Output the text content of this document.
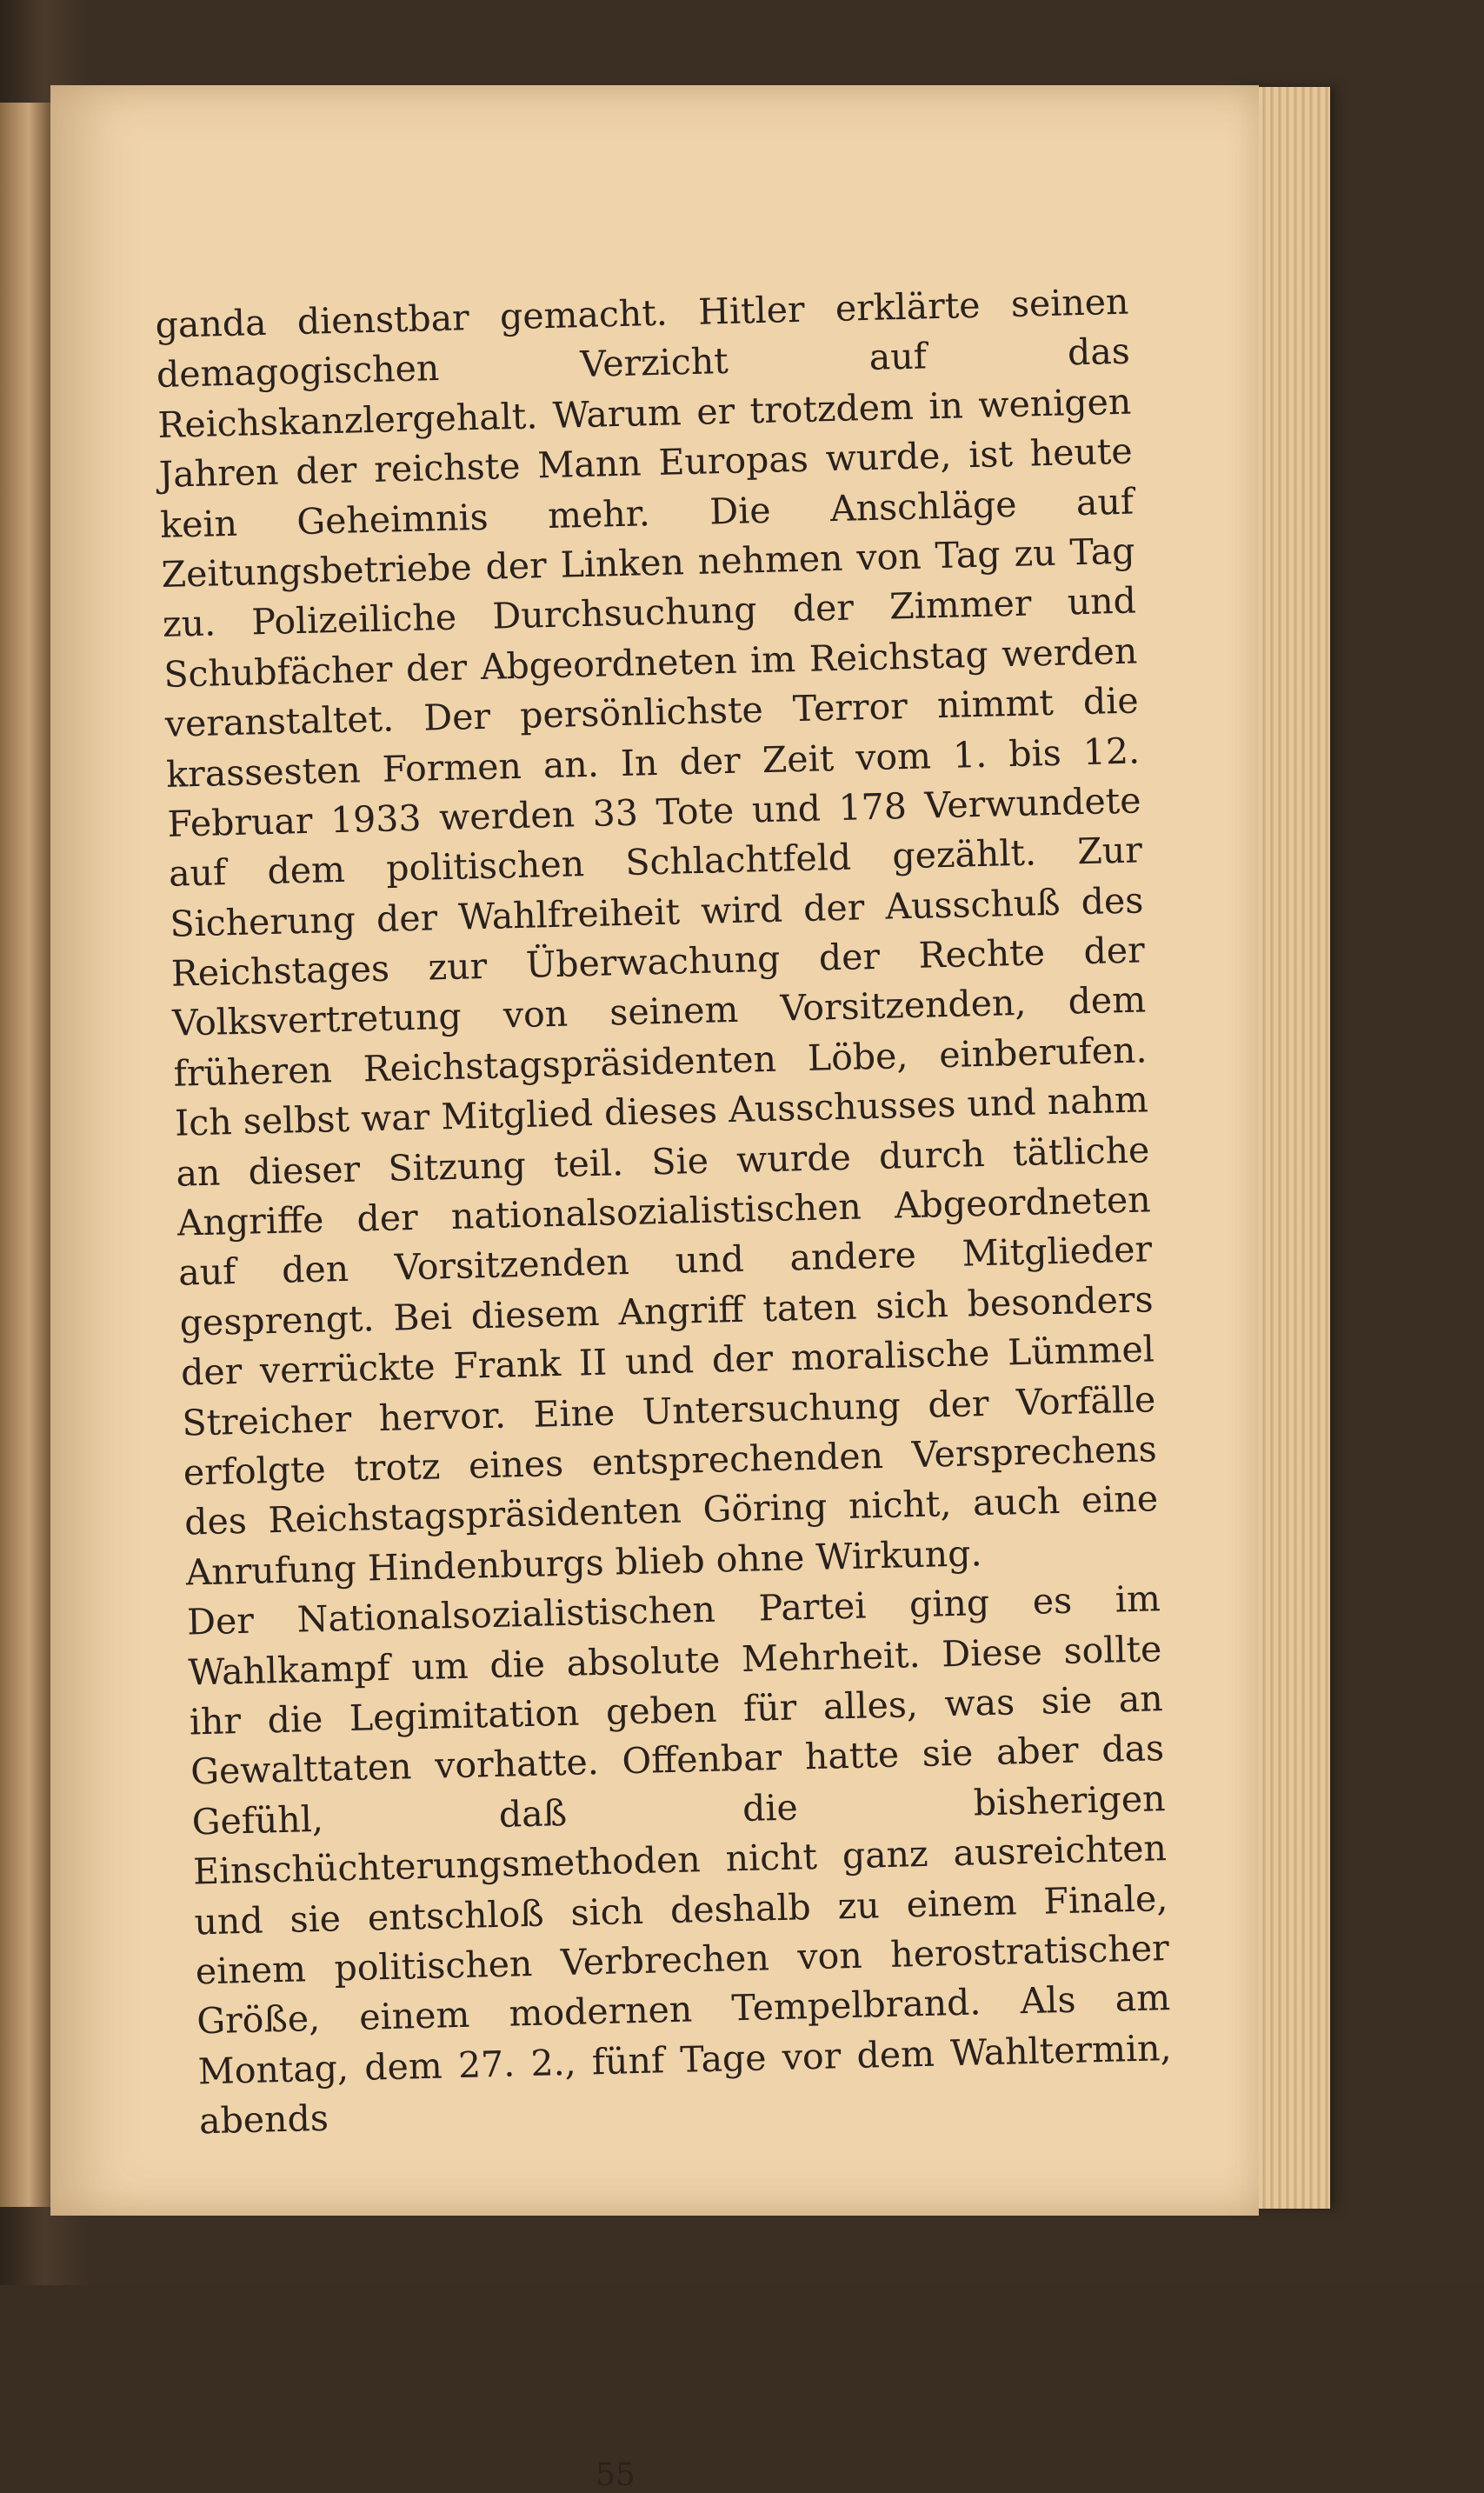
ganda dienstbar gemacht. Hitler erklärte seinen demagogischen Verzicht auf das Reichskanzlergehalt. Warum er trotzdem in wenigen Jahren der reichste Mann Europas wurde, ist heute kein Geheimnis mehr. Die Anschläge auf Zeitungsbetriebe der Linken nehmen von Tag zu Tag zu. Polizeiliche Durchsuchung der Zimmer und Schubfächer der Abgeordneten im Reichstag werden veranstaltet. Der persönlichste Terror nimmt die krassesten Formen an. In der Zeit vom 1. bis 12. Februar 1933 werden 33 Tote und 178 Verwundete auf dem politischen Schlachtfeld gezählt. Zur Sicherung der Wahlfreiheit wird der Ausschuß des Reichstages zur Überwachung der Rechte der Volksvertretung von seinem Vorsitzenden, dem früheren Reichstagspräsidenten Löbe, einberufen. Ich selbst war Mitglied dieses Ausschusses und nahm an dieser Sitzung teil. Sie wurde durch tätliche Angriffe der nationalsozialistischen Abgeordneten auf den Vorsitzenden und andere Mitglieder gesprengt. Bei diesem Angriff taten sich besonders der verrückte Frank II und der moralische Lümmel Streicher hervor. Eine Untersuchung der Vorfälle erfolgte trotz eines entsprechenden Versprechens des Reichstagspräsidenten Göring nicht, auch eine Anrufung Hindenburgs blieb ohne Wirkung.

Der Nationalsozialistischen Partei ging es im Wahlkampf um die absolute Mehrheit. Diese sollte ihr die Legimitation geben für alles, was sie an Gewalttaten vorhatte. Offenbar hatte sie aber das Gefühl, daß die bisherigen Einschüchterungsmethoden nicht ganz ausreichten und sie entschloß sich deshalb zu einem Finale, einem politischen Verbrechen von herostratischer Größe, einem modernen Tempelbrand. Als am Montag, dem 27. 2., fünf Tage vor dem Wahltermin, abends

55
